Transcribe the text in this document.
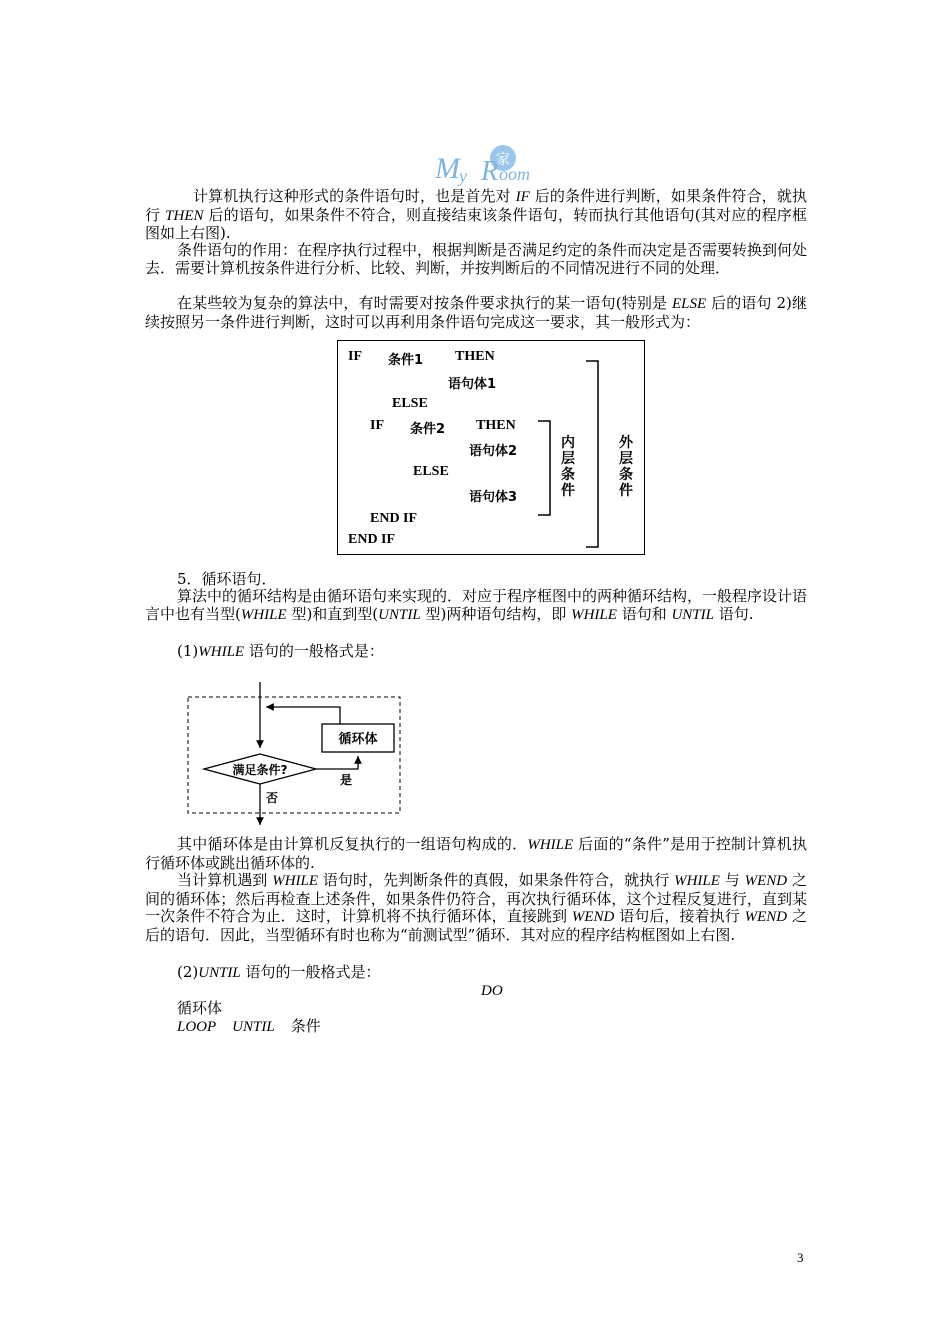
家
M y R oom

计算机执行这种形式的条件语句时，也是首先对 IF 后的条件进行判断，如果条件符合，就执行 THEN 后的语句，如果条件不符合，则直接结束该条件语句，转而执行其他语句(其对应的程序框图如上右图).

条件语句的作用：在程序执行过程中，根据判断是否满足约定的条件而决定是否需要转换到何处去．需要计算机按条件进行分析、比较、判断，并按判断后的不同情况进行不同的处理．

在某些较为复杂的算法中，有时需要对按条件要求执行的某一语句(特别是 ELSE 后的语句 2)继续按照另一条件进行判断，这时可以再利用条件语句完成这一要求，其一般形式为：

IF 条件1 THEN
语句体1
ELSE
IF 条件2 THEN
语句体2
ELSE
语句体3
END IF
END IF
内
层
条
件
外
层
条
件
5．循环语句．

算法中的循环结构是由循环语句来实现的．对应于程序框图中的两种循环结构，一般程序设计语言中也有当型(WHILE 型)和直到型(UNTIL 型)两种语句结构，即 WHILE 语句和 UNTIL 语句.

(1)WHILE 语句的一般格式是：
循环体
满足条件?
是
否

其中循环体是由计算机反复执行的一组语句构成的．WHILE 后面的“条件”是用于控制计算机执行循环体或跳出循环体的.

当计算机遇到 WHILE 语句时，先判断条件的真假，如果条件符合，就执行 WHILE 与 WEND 之间的循环体；然后再检查上述条件，如果条件仍符合，再次执行循环体，这个过程反复进行，直到某一次条件不符合为止．这时，计算机将不执行循环体，直接跳到 WEND 语句后，接着执行 WEND 之后的语句．因此，当型循环有时也称为“前测试型”循环．其对应的程序结构框图如上右图.

(2)UNTIL 语句的一般格式是：
DO
循环体
LOOP UNTIL 条件
3
